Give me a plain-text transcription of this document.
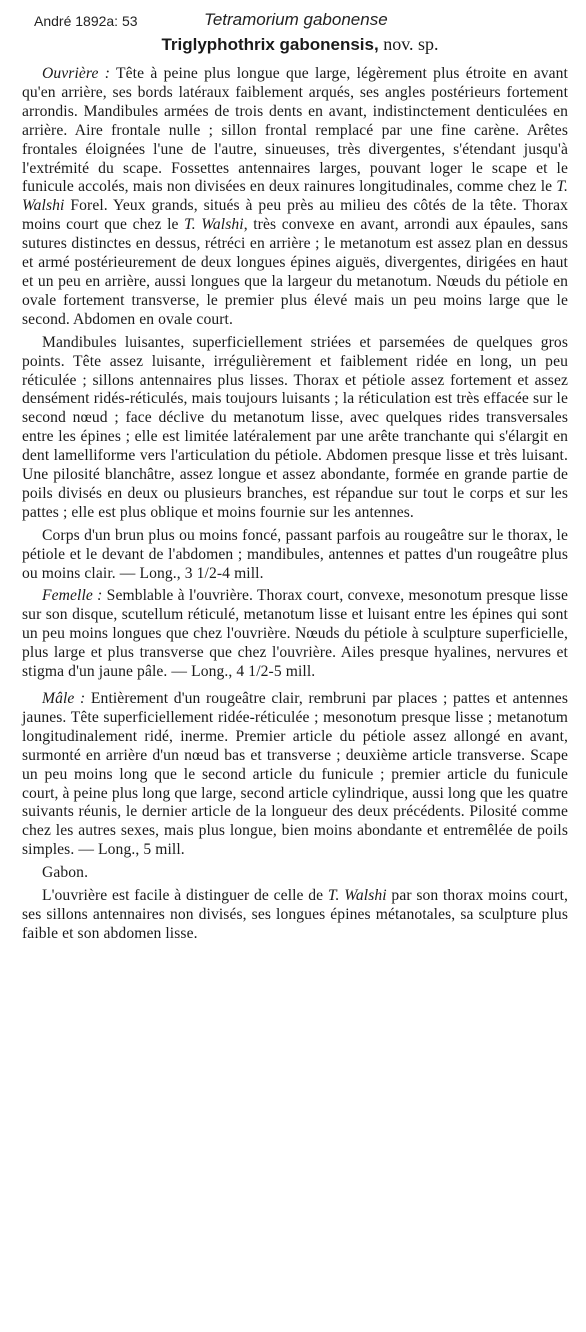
André 1892a: 53	Tetramorium gabonense
Triglyphothrix gabonensis, nov. sp.

Ouvrière : Tête à peine plus longue que large, légèrement plus étroite en avant qu'en arrière, ses bords latéraux faiblement arqués, ses angles postérieurs fortement arrondis. Mandibules armées de trois dents en avant, indistinctement denticulées en arrière. Aire frontale nulle ; sillon frontal remplacé par une fine carène. Arêtes frontales éloignées l'une de l'autre, sinueuses, très divergentes, s'étendant jusqu'à l'extrémité du scape. Fossettes antennaires larges, pouvant loger le scape et le funicule accolés, mais non divisées en deux rainures longitudinales, comme chez le T. Walshi Forel. Yeux grands, situés à peu près au milieu des côtés de la tête. Thorax moins court que chez le T. Walshi, très convexe en avant, arrondi aux épaules, sans sutures distinctes en dessus, rétréci en arrière ; le metanotum est assez plan en dessus et armé postérieurement de deux longues épines aiguës, divergentes, dirigées en haut et un peu en arrière, aussi longues que la largeur du metanotum. Nœuds du pétiole en ovale fortement transverse, le premier plus élevé mais un peu moins large que le second. Abdomen en ovale court.

Mandibules luisantes, superficiellement striées et parsemées de quelques gros points. Tête assez luisante, irrégulièrement et faiblement ridée en long, un peu réticulée ; sillons antennaires plus lisses. Thorax et pétiole assez fortement et assez densément ridés-réticulés, mais toujours luisants ; la réticulation est très effacée sur le second nœud ; face déclive du metanotum lisse, avec quelques rides transversales entre les épines ; elle est limitée latéralement par une arête tranchante qui s'élargit en dent lamelliforme vers l'articulation du pétiole. Abdomen presque lisse et très luisant. Une pilosité blanchâtre, assez longue et assez abondante, formée en grande partie de poils divisés en deux ou plusieurs branches, est répandue sur tout le corps et sur les pattes ; elle est plus oblique et moins fournie sur les antennes.

Corps d'un brun plus ou moins foncé, passant parfois au rougeâtre sur le thorax, le pétiole et le devant de l'abdomen ; mandibules, antennes et pattes d'un rougeâtre plus ou moins clair. — Long., 3 1/2-4 mill.

Femelle : Semblable à l'ouvrière. Thorax court, convexe, mesonotum presque lisse sur son disque, scutellum réticulé, metanotum lisse et luisant entre les épines qui sont un peu moins longues que chez l'ouvrière. Nœuds du pétiole à sculpture superficielle, plus large et plus transverse que chez l'ouvrière. Ailes presque hyalines, nervures et stigma d'un jaune pâle. — Long., 4 1/2-5 mill.

Mâle : Entièrement d'un rougeâtre clair, rembruni par places ; pattes et antennes jaunes. Tête superficiellement ridée-réticulée ; mesonotum presque lisse ; metanotum longitudinalement ridé, inerme. Premier article du pétiole assez allongé en avant, surmonté en arrière d'un nœud bas et transverse ; deuxième article transverse. Scape un peu moins long que le second article du funicule ; premier article du funicule court, à peine plus long que large, second article cylindrique, aussi long que les quatre suivants réunis, le dernier article de la longueur des deux précédents. Pilosité comme chez les autres sexes, mais plus longue, bien moins abondante et entremêlée de poils simples. — Long., 5 mill.

Gabon.

L'ouvrière est facile à distinguer de celle de T. Walshi par son thorax moins court, ses sillons antennaires non divisés, ses longues épines métanotales, sa sculpture plus faible et son abdomen lisse.
